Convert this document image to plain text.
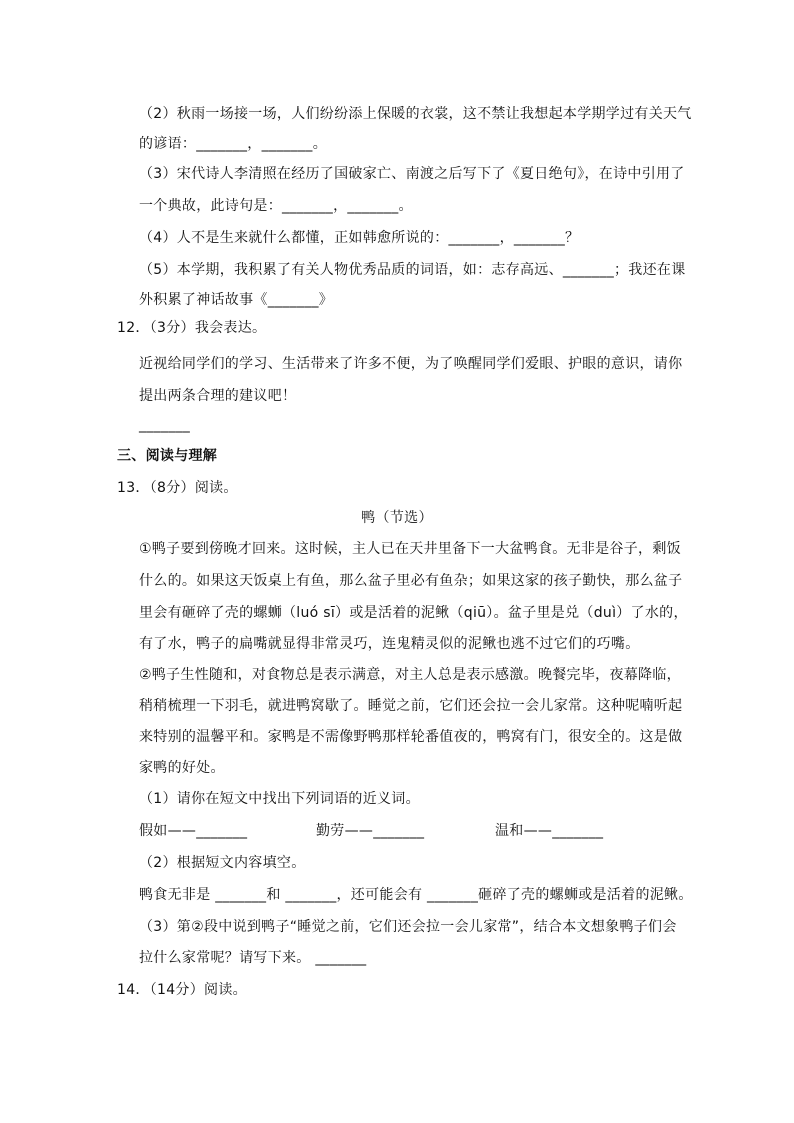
（2）秋雨一场接一场，人们纷纷添上保暖的衣裳，这不禁让我想起本学期学过有关天气
的谚语：_______，_______。
（3）宋代诗人李清照在经历了国破家亡、南渡之后写下了《夏日绝句》，在诗中引用了
一个典故，此诗句是：_______，_______。
（4）人不是生来就什么都懂，正如韩愈所说的：_______，_______？
（5）本学期，我积累了有关人物优秀品质的词语，如：志存高远、_______；我还在课
外积累了神话故事《_______》
12．（3分）我会表达。
近视给同学们的学习、生活带来了许多不便，为了唤醒同学们爱眼、护眼的意识，请你
提出两条合理的建议吧！
_______
三、阅读与理解
13．（8分）阅读。
鸭（节选）
①鸭子要到傍晚才回来。这时候，主人已在天井里备下一大盆鸭食。无非是谷子，剩饭
什么的。如果这天饭桌上有鱼，那么盆子里必有鱼杂；如果这家的孩子勤快，那么盆子
里会有砸碎了壳的螺蛳（luó sī）或是活着的泥鳅（qiū）。盆子里是兑（duì）了水的，
有了水，鸭子的扁嘴就显得非常灵巧，连鬼精灵似的泥鳅也逃不过它们的巧嘴。
②鸭子生性随和，对食物总是表示满意，对主人总是表示感激。晚餐完毕，夜幕降临，
稍稍梳理一下羽毛，就进鸭窝歇了。睡觉之前，它们还会拉一会儿家常。这种呢喃听起
来特别的温馨平和。家鸭是不需像野鸭那样轮番值夜的，鸭窝有门，很安全的。这是做
家鸭的好处。
（1）请你在短文中找出下列词语的近义词。
假如——_______	勤劳——_______	温和——_______
（2）根据短文内容填空。
鸭食无非是 _______和 _______，还可能会有 _______砸碎了壳的螺蛳或是活着的泥鳅。
（3）第②段中说到鸭子“睡觉之前，它们还会拉一会儿家常”，结合本文想象鸭子们会
拉什么家常呢？请写下来。 _______
14．（14分）阅读。
